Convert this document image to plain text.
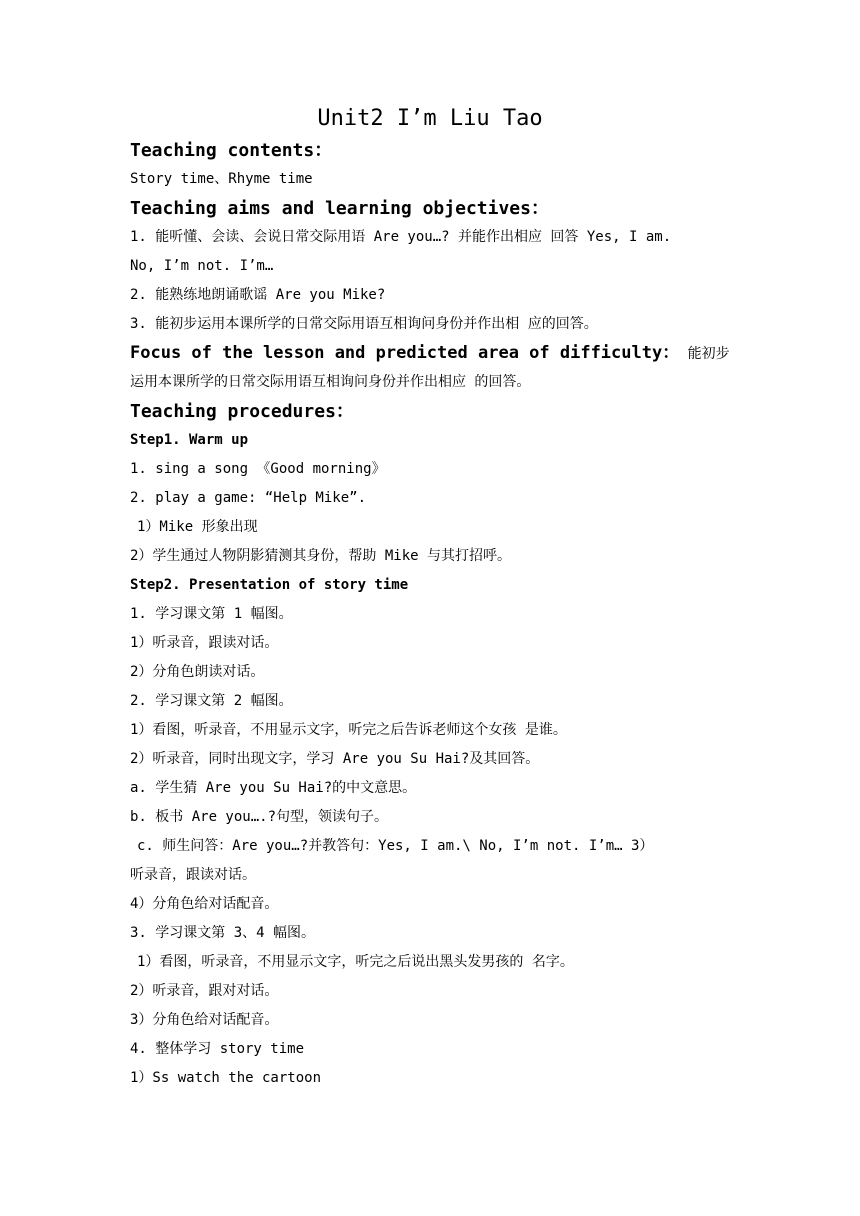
Unit2 I’m Liu Tao
Teaching contents：
Story time、Rhyme time
Teaching aims and learning objectives：
1. 能听懂、会读、会说日常交际用语 Are you…? 并能作出相应 回答 Yes, I am.
No, I’m not. I’m…
2. 能熟练地朗诵歌谣 Are you Mike?
3. 能初步运用本课所学的日常交际用语互相询问身份并作出相 应的回答。
Focus of the lesson and predicted area of difficulty： 能初步
运用本课所学的日常交际用语互相询问身份并作出相应 的回答。
Teaching procedures：
Step1. Warm up
1. sing a song 《Good morning》
2. play a game: “Help Mike”.
1）Mike 形象出现
2）学生通过人物阴影猜测其身份，帮助 Mike 与其打招呼。
Step2. Presentation of story time
1. 学习课文第 1 幅图。
1）听录音，跟读对话。
2）分角色朗读对话。
2. 学习课文第 2 幅图。
1）看图，听录音，不用显示文字，听完之后告诉老师这个女孩 是谁。
2）听录音，同时出现文字，学习 Are you Su Hai?及其回答。
a. 学生猜 Are you Su Hai?的中文意思。
b. 板书 Are you….?句型，领读句子。
c. 师生问答：Are you…?并教答句：Yes, I am.\ No, I’m not. I’m… 3）
听录音，跟读对话。
4）分角色给对话配音。
3. 学习课文第 3、4 幅图。
1）看图，听录音，不用显示文字，听完之后说出黑头发男孩的 名字。
2）听录音，跟对对话。
3）分角色给对话配音。
4. 整体学习 story time
1）Ss watch the cartoon
